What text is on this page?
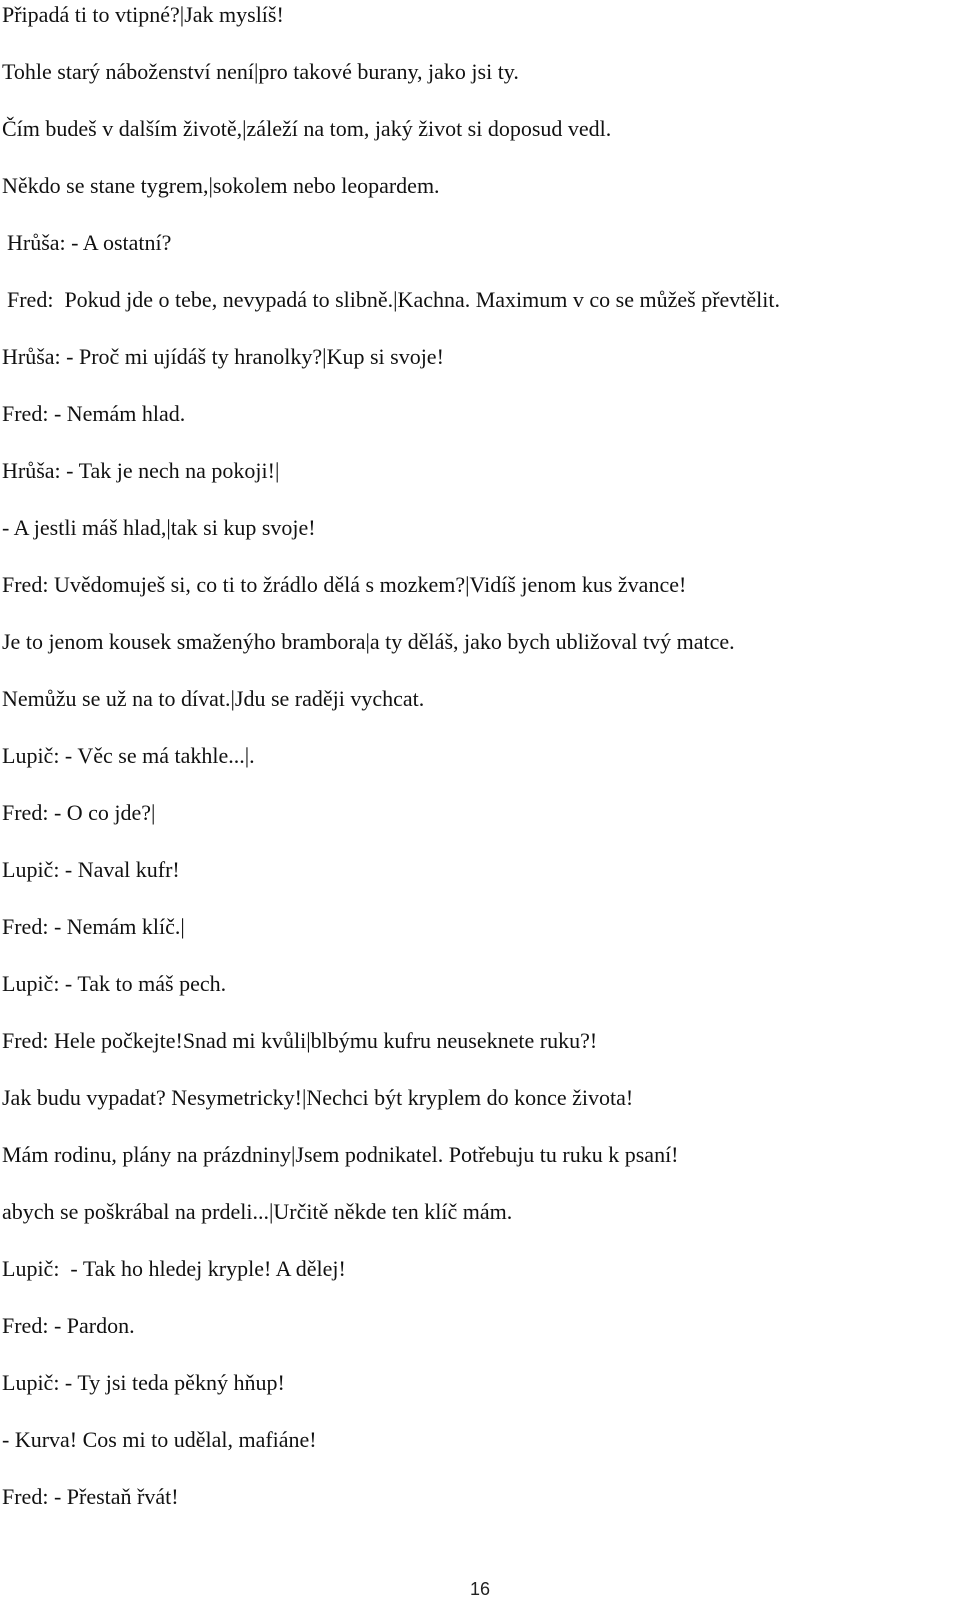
Připadá ti to vtipné?|Jak myslíš!
Tohle starý náboženství není|pro takové burany, jako jsi ty.
Čím budeš v dalším životě,|záleží na tom, jaký život si doposud vedl.
Někdo se stane tygrem,|sokolem nebo leopardem.
Hrůša: - A ostatní?
Fred:  Pokud jde o tebe, nevypadá to slibně.|Kachna. Maximum v co se můžeš převtělit.
Hrůša: - Proč mi ujídáš ty hranolky?|Kup si svoje!
Fred: - Nemám hlad.
Hrůša: - Tak je nech na pokoji!|
- A jestli máš hlad,|tak si kup svoje!
Fred: Uvědomuješ si, co ti to žrádlo dělá s mozkem?|Vidíš jenom kus žvance!
Je to jenom kousek smaženýho brambora|a ty děláš, jako bych ubližoval tvý matce.
Nemůžu se už na to dívat.|Jdu se raději vychcat.
Lupič: - Věc se má takhle...|.
Fred: - O co jde?|
Lupič: - Naval kufr!
Fred: - Nemám klíč.|
Lupič: - Tak to máš pech.
Fred: Hele počkejte!Snad mi kvůli|blbýmu kufru neuseknete ruku?!
Jak budu vypadat? Nesymetricky!|Nechci být kryplem do konce života!
Mám rodinu, plány na prázdniny|Jsem podnikatel. Potřebuju tu ruku k psaní!
abych se poškrábal na prdeli...|Určitě někde ten klíč mám.
Lupič:  - Tak ho hledej kryple! A dělej!
Fred: - Pardon.
Lupič: - Ty jsi teda pěkný hňup!
- Kurva! Cos mi to udělal, mafiáne!
Fred: - Přestaň řvát!
16
